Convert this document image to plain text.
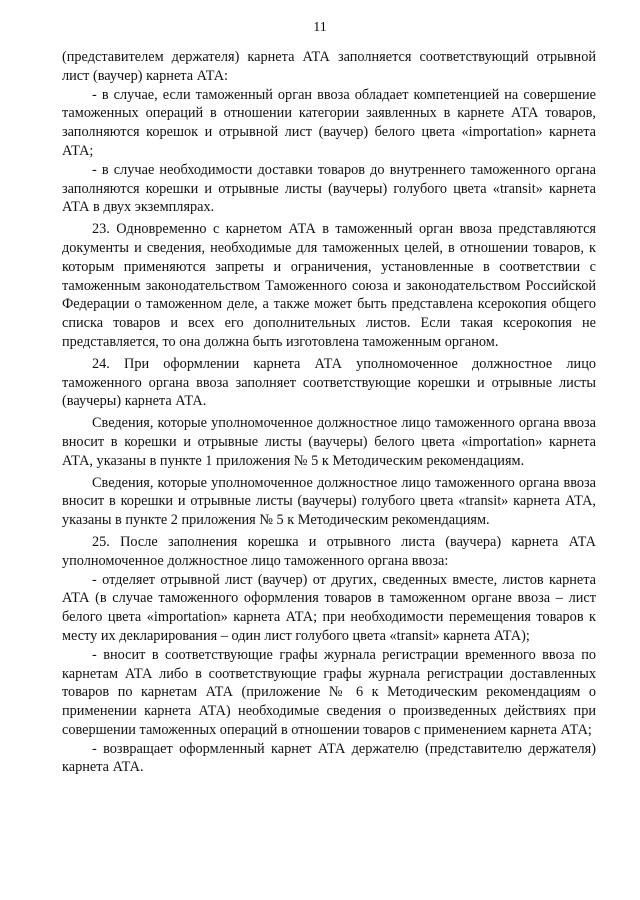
11

(представителем держателя) карнета АТА заполняется соответствующий отрывной лист (ваучер) карнета АТА:

- в случае, если таможенный орган ввоза обладает компетенцией на совершение таможенных операций в отношении категории заявленных в карнете АТА товаров, заполняются корешок и отрывной лист (ваучер) белого цвета «importation» карнета АТА;

- в случае необходимости доставки товаров до внутреннего таможенного органа заполняются корешки и отрывные листы (ваучеры) голубого цвета «transit» карнета АТА в двух экземплярах.

23. Одновременно с карнетом АТА в таможенный орган ввоза представляются документы и сведения, необходимые для таможенных целей, в отношении товаров, к которым применяются запреты и ограничения, установленные в соответствии с таможенным законодательством Таможенного союза и законодательством Российской Федерации о таможенном деле, а также может быть представлена ксерокопия общего списка товаров и всех его дополнительных листов. Если такая ксерокопия не представляется, то она должна быть изготовлена таможенным органом.

24. При оформлении карнета АТА уполномоченное должностное лицо таможенного органа ввоза заполняет соответствующие корешки и отрывные листы (ваучеры) карнета АТА.

Сведения, которые уполномоченное должностное лицо таможенного органа ввоза вносит в корешки и отрывные листы (ваучеры) белого цвета «importation» карнета АТА, указаны в пункте 1 приложения № 5 к Методическим рекомендациям.

Сведения, которые уполномоченное должностное лицо таможенного органа ввоза вносит в корешки и отрывные листы (ваучеры) голубого цвета «transit» карнета АТА, указаны в пункте 2 приложения № 5 к Методическим рекомендациям.

25. После заполнения корешка и отрывного листа (ваучера) карнета АТА уполномоченное должностное лицо таможенного органа ввоза:

- отделяет отрывной лист (ваучер) от других, сведенных вместе, листов карнета АТА (в случае таможенного оформления товаров в таможенном органе ввоза – лист белого цвета «importation» карнета АТА; при необходимости перемещения товаров к месту их декларирования – один лист голубого цвета «transit» карнета АТА);

- вносит в соответствующие графы журнала регистрации временного ввоза по карнетам АТА либо в соответствующие графы журнала регистрации доставленных товаров по карнетам АТА (приложение № 6 к Методическим рекомендациям о применении карнета АТА) необходимые сведения о произведенных действиях при совершении таможенных операций в отношении товаров с применением карнета АТА;

- возвращает оформленный карнет АТА держателю (представителю держателя) карнета АТА.
